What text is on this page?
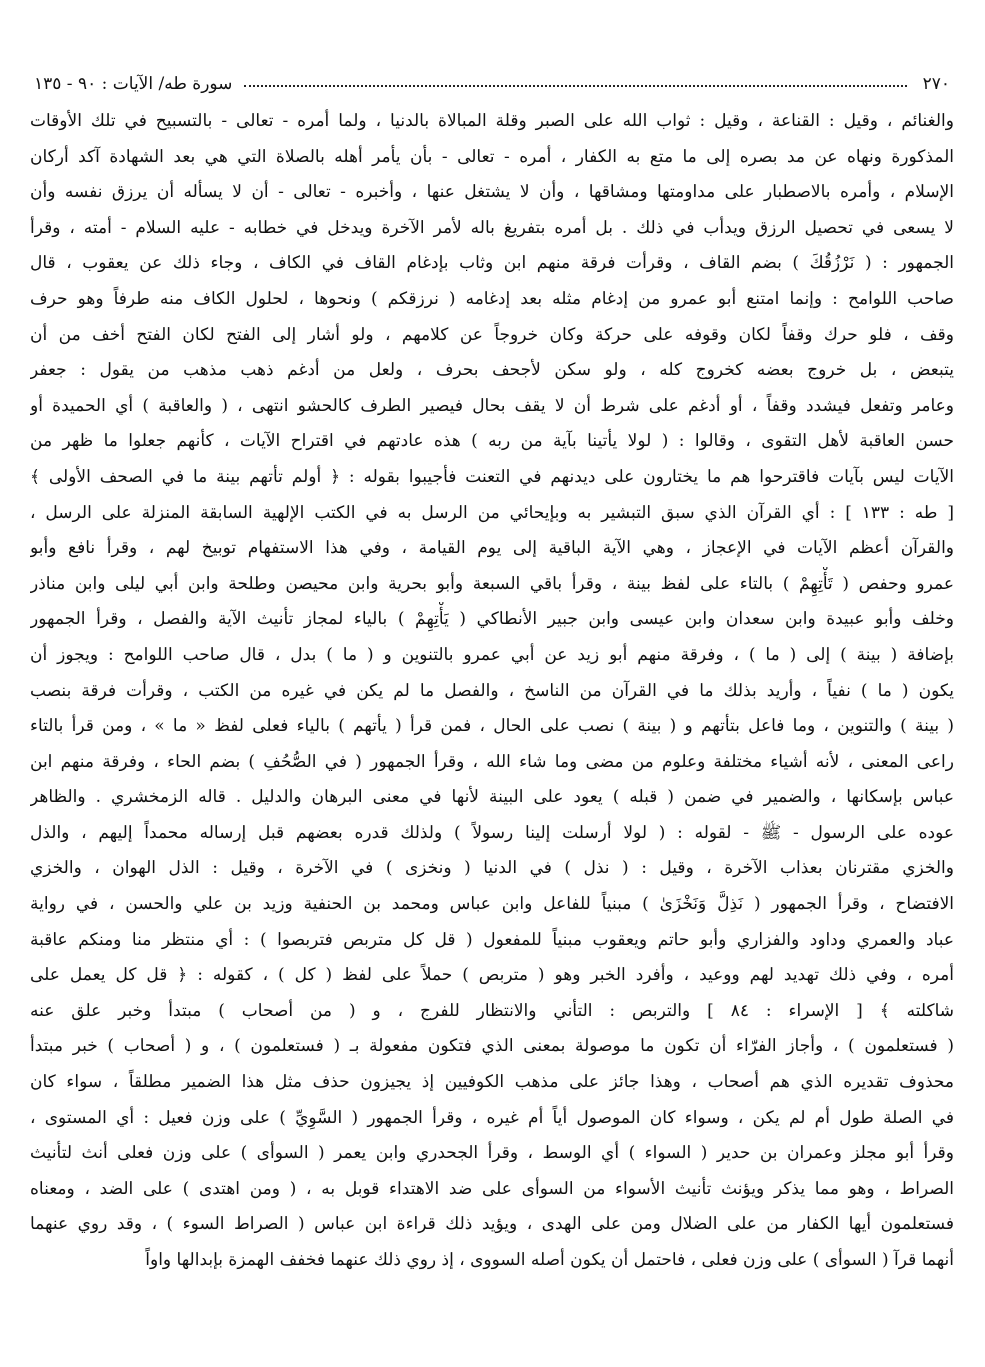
٢٧٠
سورة طه/ الآيات : ٩٠ - ١٣٥
والغنائم ، وقيل : القناعة ، وقيل : ثواب الله على الصبر وقلة المبالاة بالدنيا ، ولما أمره - تعالى - بالتسبيح في تلك الأوقات
المذكورة ونهاه عن مد بصره إلى ما متع به الكفار ، أمره - تعالى - بأن يأمر أهله بالصلاة التي هي بعد الشهادة آكد أركان
الإسلام ، وأمره بالاصطبار على مداومتها ومشاقها ، وأن لا يشتغل عنها ، وأخبره - تعالى - أن لا يسأله أن يرزق نفسه وأن
لا يسعى في تحصيل الرزق ويدأب في ذلك . بل أمره بتفريغ باله لأمر الآخرة ويدخل في خطابه - عليه السلام - أمته ، وقرأ
الجمهور : ( نَرْزُقُكَ ) بضم القاف ، وقرأت فرقة منهم ابن وثاب بإدغام القاف في الكاف ، وجاء ذلك عن يعقوب ، قال
صاحب اللوامح : وإنما امتنع أبو عمرو من إدغام مثله بعد إدغامه ( نرزقكم ) ونحوها ، لحلول الكاف منه طرفاً وهو حرف
وقف ، فلو حرك وقفاً لكان وقوفه على حركة وكان خروجاً عن كلامهم ، ولو أشار إلى الفتح لكان الفتح أخف من أن
يتبعض ، بل خروج بعضه كخروج كله ، ولو سكن لأجحف بحرف ، ولعل من أدغم ذهب مذهب من يقول : جعفر
وعامر وتفعل فيشدد وقفاً ، أو أدغم على شرط أن لا يقف بحال فيصير الطرف كالحشو انتهى ، ( والعاقبة ) أي الحميدة أو
حسن العاقبة لأهل التقوى ، وقالوا : ( لولا يأتينا بآية من ربه ) هذه عادتهم في اقتراح الآيات ، كأنهم جعلوا ما ظهر من
الآيات ليس بآيات فاقترحوا هم ما يختارون على ديدنهم في التعنت فأجيبوا بقوله : ﴿ أولم تأتهم بينة ما في الصحف الأولى ﴾
[ طه : ١٣٣ ] : أي القرآن الذي سبق التبشير به وبإيحائي من الرسل به في الكتب الإلهية السابقة المنزلة على الرسل ،
والقرآن أعظم الآيات في الإعجاز ، وهي الآية الباقية إلى يوم القيامة ، وفي هذا الاستفهام توبيخ لهم ، وقرأ نافع وأبو
عمرو وحفص ( تَأْتِهِمْ ) بالتاء على لفظ بينة ، وقرأ باقي السبعة وأبو بحرية وابن محيصن وطلحة وابن أبي ليلى وابن مناذر
وخلف وأبو عبيدة وابن سعدان وابن عيسى وابن جبير الأنطاكي ( يَأْتِهِمْ ) بالياء لمجاز تأنيث الآية والفصل ، وقرأ الجمهور
بإضافة ( بينة ) إلى ( ما ) ، وفرقة منهم أبو زيد عن أبي عمرو بالتنوين و ( ما ) بدل ، قال صاحب اللوامح : ويجوز أن
يكون ( ما ) نفياً ، وأريد بذلك ما في القرآن من الناسخ ، والفصل ما لم يكن في غيره من الكتب ، وقرأت فرقة بنصب
( بينة ) والتنوين ، وما فاعل بتأتهم و ( بينة ) نصب على الحال ، فمن قرأ ( يأتهم ) بالياء فعلى لفظ « ما » ، ومن قرأ بالتاء
راعى المعنى ، لأنه أشياء مختلفة وعلوم من مضى وما شاء الله ، وقرأ الجمهور ( في الصُّحُفِ ) بضم الحاء ، وفرقة منهم ابن
عباس بإسكانها ، والضمير في ضمن ( قبله ) يعود على البينة لأنها في معنى البرهان والدليل . قاله الزمخشري . والظاهر
عوده على الرسول - ﷺ - لقوله : ( لولا أرسلت إلينا رسولاً ) ولذلك قدره بعضهم قبل إرساله محمداً إليهم ، والذل
والخزي مقترنان بعذاب الآخرة ، وقيل : ( نذل ) في الدنيا ( ونخزى ) في الآخرة ، وقيل : الذل الهوان ، والخزي
الافتضاح ، وقرأ الجمهور ( نَذِلَّ وَنَخْزَىٰ ) مبنياً للفاعل وابن عباس ومحمد بن الحنفية وزيد بن علي والحسن ، في رواية
عباد والعمري وداود والفزاري وأبو حاتم ويعقوب مبنياً للمفعول ( قل كل متربص فتربصوا ) : أي منتظر منا ومنكم عاقبة
أمره ، وفي ذلك تهديد لهم ووعيد ، وأفرد الخبر وهو ( متربص ) حملاً على لفظ ( كل ) ، كقوله : ﴿ قل كل يعمل على
شاكلته ﴾ [ الإسراء : ٨٤ ] والتربص : التأني والانتظار للفرج ، و ( من أصحاب ) مبتدأ وخبر علق عنه
( فستعلمون ) ، وأجاز الفرّاء أن تكون ما موصولة بمعنى الذي فتكون مفعولة بـ ( فستعلمون ) ، و ( أصحاب ) خبر مبتدأ
محذوف تقديره الذي هم أصحاب ، وهذا جائز على مذهب الكوفيين إذ يجيزون حذف مثل هذا الضمير مطلقاً ، سواء كان
في الصلة طول أم لم يكن ، وسواء كان الموصول أياً أم غيره ، وقرأ الجمهور ( السَّوِيِّ ) على وزن فعيل : أي المستوى ،
وقرأ أبو مجلز وعمران بن حدير ( السواء ) أي الوسط ، وقرأ الجحدري وابن يعمر ( السوأى ) على وزن فعلى أنث لتأنيث
الصراط ، وهو مما يذكر ويؤنث تأنيث الأسواء من السوأى على ضد الاهتداء قوبل به ، ( ومن اهتدى ) على الضد ، ومعناه
فستعلمون أيها الكفار من على الضلال ومن على الهدى ، ويؤيد ذلك قراءة ابن عباس ( الصراط السوء ) ، وقد روي عنهما
أنهما قرآ ( السوأى ) على وزن فعلى ، فاحتمل أن يكون أصله السووى ، إذ روي ذلك عنهما فخفف الهمزة بإبدالها واواً
